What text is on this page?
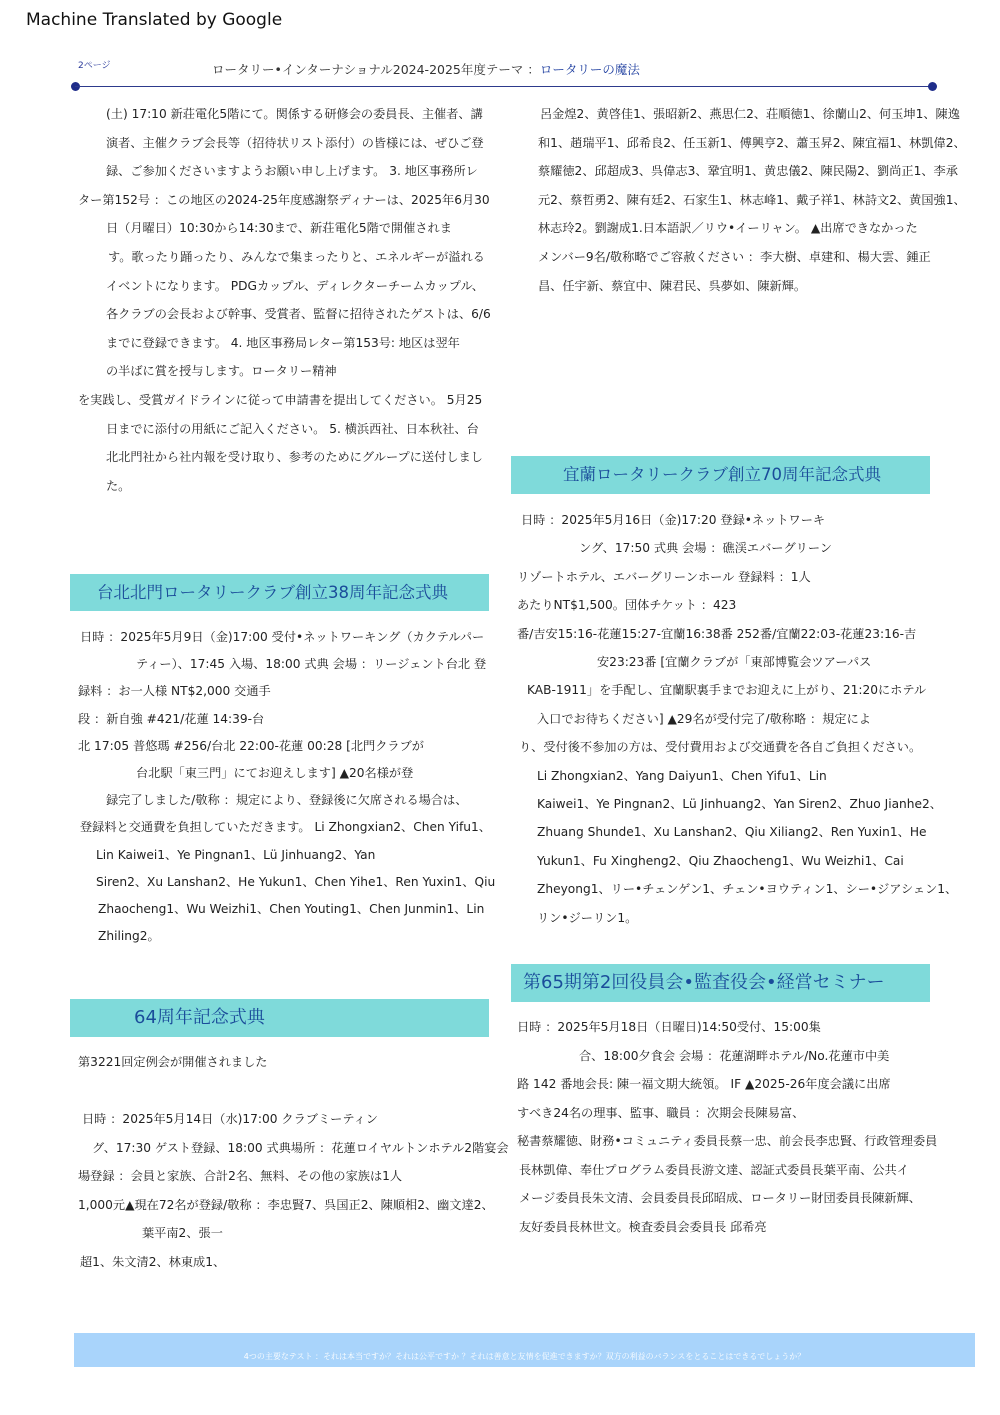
Machine Translated by Google
2ページ	ロータリー•インターナショナル2024-2025年度テーマ ：ロータリーの魔法
(土) 17:10 新荘電化5階にて。関係する研修会の委員長、主催者、講
演者、主催クラブ会長等（招待状リスト添付）の皆様には、ぜひご登
録、ご参加くださいますようお願い申し上げます。 3. 地区事務所レ
ター第152号 ：この地区の2024-25年度感謝祭ディナーは、2025年6月30
日（月曜日）10:30から14:30まで、新荘電化5階で開催されま
す。歌ったり踊ったり、みんなで集まったりと、エネルギーが溢れる
イベントになります。 PDGカップル、ディレクターチームカップル、
各クラブの会長および幹事、受賞者、監督に招待されたゲストは、6/6
までに登録できます。 4. 地区事務局レター第153号: 地区は翌年
の半ばに賞を授与します。ロータリー精神
を実践し、受賞ガイドラインに従って申請書を提出してください。 5月25
日までに添付の用紙にご記入ください。 5. 横浜西社、日本秋社、台
北北門社から社内報を受け取り、参考のためにグループに送付しまし
た。
呂金煌2、黄啓佳1、張昭新2、燕思仁2、荘順徳1、徐蘭山2、何玉坤1、陳逸
和1、趙瑞平1、邱希良2、任玉新1、傅興亨2、蕭玉昇2、陳宜福1、林凱偉2、
蔡耀徳2、邱超成3、呉偉志3、鞏宜明1、黄忠儀2、陳民陽2、劉尚正1、李承
元2、蔡哲勇2、陳有廷2、石家生1、林志峰1、戴子祥1、林詩文2、黄国強1、
林志玲2。劉謝成1.日本語訳／リウ•イーリャン。 ▲出席できなかった
メンバー9名/敬称略でご容赦ください ：李大樹、卓建和、楊大雲、鍾正
昌、任宇新、蔡宜中、陳君民、呉夢如、陳新輝。
台北北門ロータリークラブ創立38周年記念式典
日時 ：2025年5月9日（金)17:00 受付•ネットワーキング（カクテルパー
ティー）、17:45 入場、18:00 式典 会場 ：リージェント台北 登
録料 ：お一人様 NT$2,000 交通手
段 ：新自強 #421/花蓮 14:39-台
北 17:05 普悠瑪 #256/台北 22:00-花蓮 00:28 [北門クラブが
台北駅「東三門」にてお迎えします] ▲20名様が登
録完了しました/敬称 ：規定により、登録後に欠席される場合は、
登録料と交通費を負担していただきます。 Li Zhongxian2、Chen Yifu1、
Lin Kaiwei1、Ye Pingnan1、Lü Jinhuang2、Yan
Siren2、Xu Lanshan2、He Yukun1、Chen Yihe1、Ren Yuxin1、Qiu
Zhaocheng1、Wu Weizhi1、Chen Youting1、Chen Junmin1、Lin
Zhiling2。
64周年記念式典
第3221回定例会が開催されました

日時 ：2025年5月14日（水)17:00 クラブミーティン
グ、17:30 ゲスト登録、18:00 式典場所 ：花蓮ロイヤルトンホテル2階宴会
場登録 ：会員と家族、合計2名、無料、その他の家族は1人
1,000元▲現在72名が登録/敬称 ：李忠賢7、呉国正2、陳順相2、幽文達2、
葉平南2、張一
超1、朱文清2、林東成1、
宜蘭ロータリークラブ創立70周年記念式典
日時 ：2025年5月16日（金)17:20 登録•ネットワーキ
ング、17:50 式典 会場 ：礁渓エバーグリーン
リゾートホテル、エバーグリーンホール 登録料 ：1人
あたりNT$1,500。団体チケット ：423
番/吉安15:16-花蓮15:27-宜蘭16:38番 252番/宜蘭22:03-花蓮23:16-吉
安23:23番 [宜蘭クラブが「東部博覧会ツアーパス
KAB-1911」を手配し、宜蘭駅裏手までお迎えに上がり、21:20にホテル
入口でお待ちください] ▲29名が受付完了/敬称略 ：規定によ
り、受付後不参加の方は、受付費用および交通費を各自ご負担ください。
Li Zhongxian2、Yang Daiyun1、Chen Yifu1、Lin
Kaiwei1、Ye Pingnan2、Lü Jinhuang2、Yan Siren2、Zhuo Jianhe2、
Zhuang Shunde1、Xu Lanshan2、Qiu Xiliang2、Ren Yuxin1、He
Yukun1、Fu Xingheng2、Qiu Zhaocheng1、Wu Weizhi1、Cai
Zheyong1、リー•チェンゲン1、チェン•ヨウティン1、シー•ジアシェン1、
リン•ジーリン1。
第65期第2回役員会•監査役会•経営セミナー
日時 ：2025年5月18日（日曜日)14:50受付、15:00集
合、18:00夕食会 会場 ：花蓮湖畔ホテル/No.花蓮市中美
路 142 番地会長: 陳一福文期大統領。 IF ▲2025-26年度会議に出席
すべき24名の理事、監事、職員 ：次期会長陳易富、
秘書蔡耀徳、財務•コミュニティ委員長蔡一忠、前会長李忠賢、行政管理委員
長林凱偉、奉仕プログラム委員長游文達、認証式委員長葉平南、公共イ
メージ委員長朱文清、会員委員長邱昭成、ロータリー財団委員長陳新輝、
友好委員長林世文。検査委員会委員長 邱希亮
4つの主要なテスト ：それは本当ですか？それは公平ですか ？それは善意と友情を促進できますか？双方の利益のバランスをとることはできるでしょうか？
